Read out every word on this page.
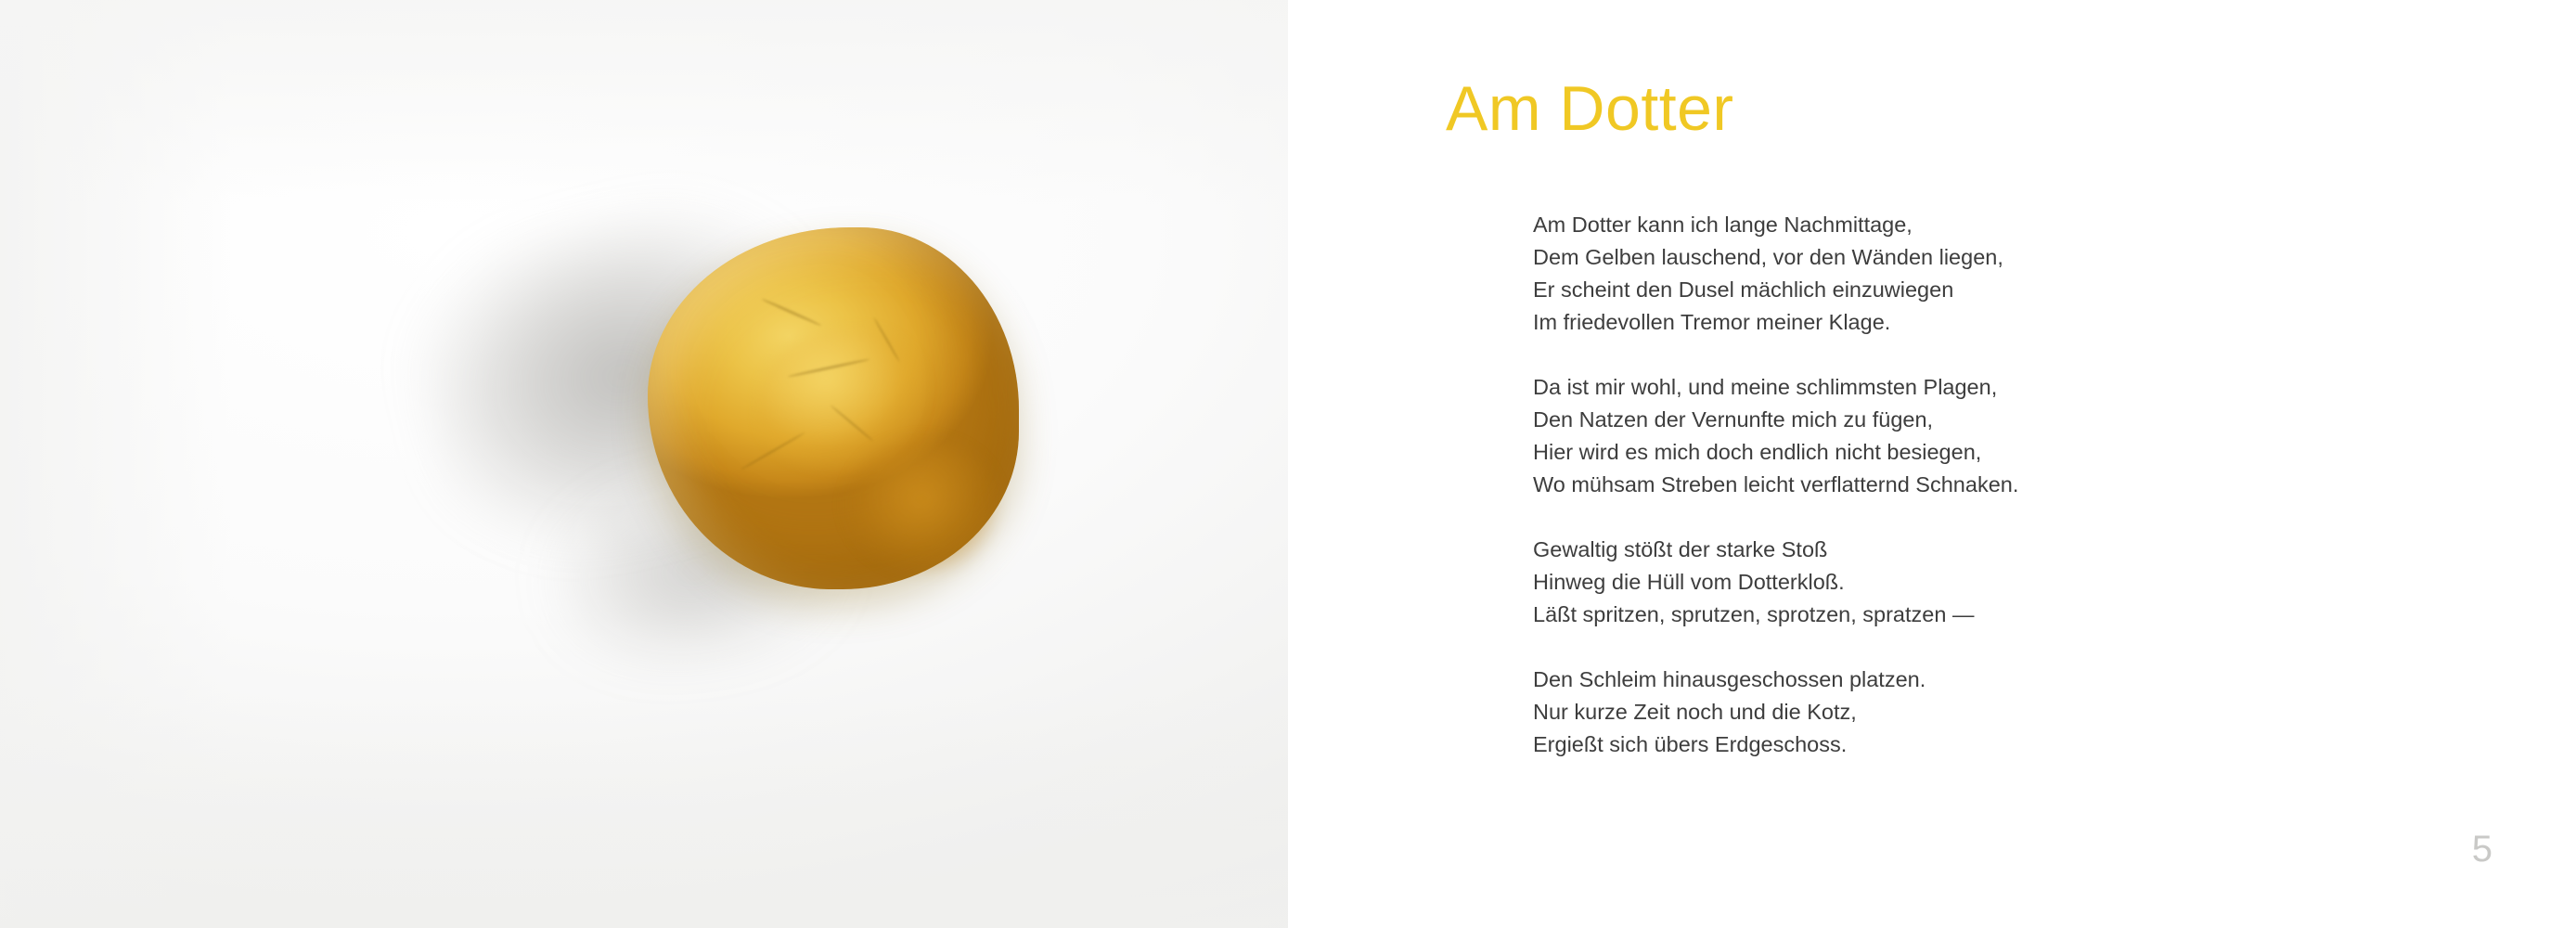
Am Dotter

Am Dotter kann ich lange Nachmittage,
Dem Gelben lauschend, vor den Wänden liegen,
Er scheint den Dusel mächlich einzuwiegen
Im friedevollen Tremor meiner Klage.

Da ist mir wohl, und meine schlimmsten Plagen,
Den Natzen der Vernunfte mich zu fügen,
Hier wird es mich doch endlich nicht besiegen,
Wo mühsam Streben leicht verflatternd Schnaken.

Gewaltig stößt der starke Stoß
Hinweg die Hüll vom Dotterkloß.
Läßt spritzen, sprutzen, sprotzen, spratzen —

Den Schleim hinausgeschossen platzen.
Nur kurze Zeit noch und die Kotz,
Ergießt sich übers Erdgeschoss.

5
